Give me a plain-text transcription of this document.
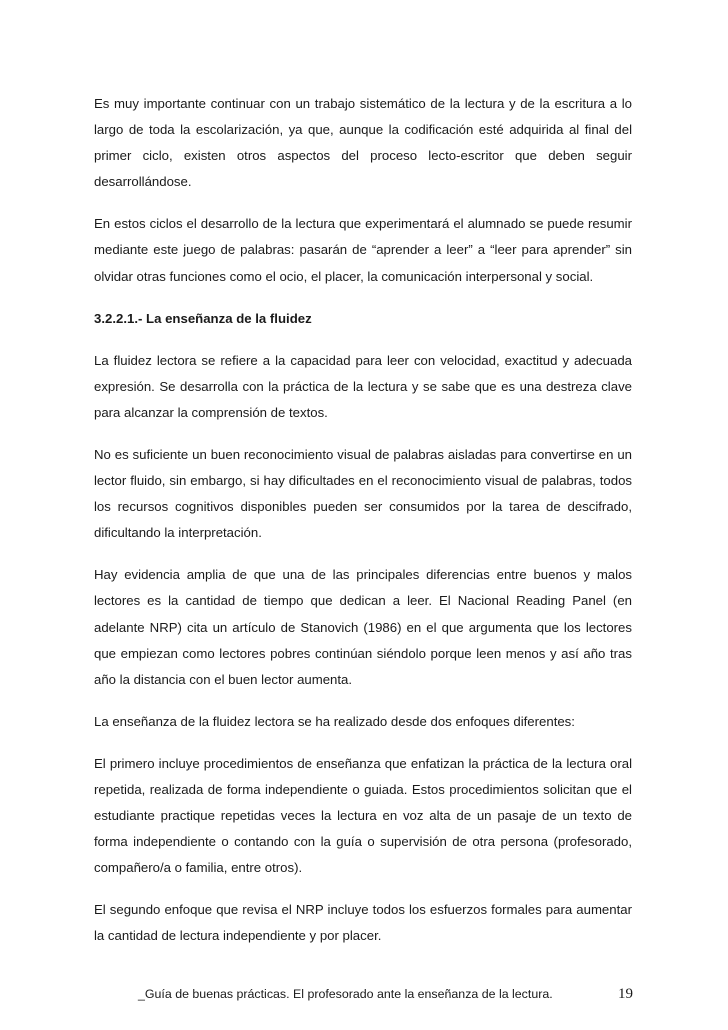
Es muy importante continuar con un trabajo sistemático de la lectura y de la escritura a lo largo de toda la escolarización, ya que, aunque la codificación esté adquirida al final del primer ciclo, existen otros aspectos del proceso lecto-escritor que deben seguir desarrollándose.

En estos ciclos el desarrollo de la lectura que experimentará el alumnado se puede resumir mediante este juego de palabras: pasarán de “aprender a leer” a “leer para aprender” sin olvidar otras funciones como el ocio, el placer, la comunicación interpersonal y social.

3.2.2.1.- La enseñanza de la fluidez

La fluidez lectora se refiere a la capacidad para leer con velocidad, exactitud y adecuada expresión. Se desarrolla con la práctica de la lectura y se sabe que es una destreza clave para alcanzar la comprensión de textos.

No es suficiente un buen reconocimiento visual de palabras aisladas para convertirse en un lector fluido, sin embargo, si hay dificultades en el reconocimiento visual de palabras, todos los recursos cognitivos disponibles pueden ser consumidos por la tarea de descifrado, dificultando la interpretación.

Hay evidencia amplia de que una de las principales diferencias entre buenos y malos lectores es la cantidad de tiempo que dedican a leer. El Nacional Reading Panel (en adelante NRP) cita un artículo de Stanovich (1986) en el que argumenta que los lectores que empiezan como lectores pobres continúan siéndolo porque leen menos y así año tras año la distancia con el buen lector aumenta.

La enseñanza de la fluidez lectora se ha realizado desde dos enfoques diferentes:

El primero incluye procedimientos de enseñanza que enfatizan la práctica de la lectura oral repetida, realizada de forma independiente o guiada. Estos procedimientos solicitan que el estudiante practique repetidas veces la lectura en voz alta de un pasaje de un texto de forma independiente o contando con la guía o supervisión de otra persona (profesorado, compañero/a o familia, entre otros).

El segundo enfoque que revisa el NRP incluye todos los esfuerzos formales para aumentar la cantidad de lectura independiente y por placer.

_Guía de buenas prácticas. El profesorado ante la enseñanza de la lectura.	19
